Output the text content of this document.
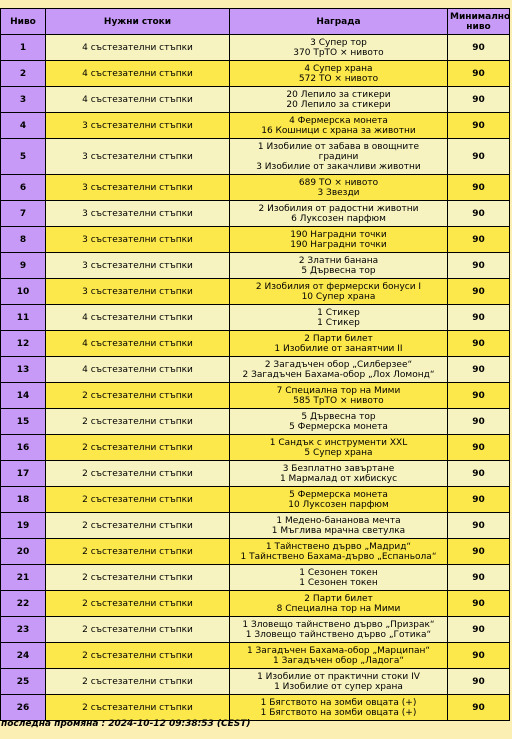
Ниво	Нужни стоки	Награда	Минимално ниво
1	4 състезателни стъпки	3 Супер тор
370 ТрТО × нивото	90
2	4 състезателни стъпки	4 Супер храна
572 ТО × нивото	90
3	4 състезателни стъпки	20 Лепило за стикери
20 Лепило за стикери	90
4	3 състезателни стъпки	4 Фермерска монета
16 Кошници с храна за животни	90
5	3 състезателни стъпки	1 Изобилие от забава в овощните
градини
3 Изобилие от закачливи животни	90
6	3 състезателни стъпки	689 ТО × нивото
3 Звезди	90
7	3 състезателни стъпки	2 Изобилия от радостни животни
6 Луксозен парфюм	90
8	3 състезателни стъпки	190 Наградни точки
190 Наградни точки	90
9	3 състезателни стъпки	2 Златни банана
5 Дървесна тор	90
10	3 състезателни стъпки	2 Изобилия от фермерски бонуси I
10 Супер храна	90
11	4 състезателни стъпки	1 Стикер
1 Стикер	90
12	4 състезателни стъпки	2 Парти билет
1 Изобилие от занаятчии II	90
13	4 състезателни стъпки	2 Загадъчен обор „Силберзее“
2 Загадъчен Бахама-обор „Лох Ломонд“	90
14	2 състезателни стъпки	7 Специална тор на Мими
585 ТрТО × нивото	90
15	2 състезателни стъпки	5 Дървесна тор
5 Фермерска монета	90
16	2 състезателни стъпки	1 Сандък с инструменти XXL
5 Супер храна	90
17	2 състезателни стъпки	3 Безплатно завъртане
1 Мармалад от хибискус	90
18	2 състезателни стъпки	5 Фермерска монета
10 Луксозен парфюм	90
19	2 състезателни стъпки	1 Медено-бананова мечта
1 Мъглива мрачна светулка	90
20	2 състезателни стъпки	1 Тайнствено дърво „Мадрид“
1 Тайнствено Бахама-дърво „Еспаньола“	90
21	2 състезателни стъпки	1 Сезонен токен
1 Сезонен токен	90
22	2 състезателни стъпки	2 Парти билет
8 Специална тор на Мими	90
23	2 състезателни стъпки	1 Зловещо тайнствено дърво „Призрак“
1 Зловещо тайнствено дърво „Готика“	90
24	2 състезателни стъпки	1 Загадъчен Бахама-обор „Марципан“
1 Загадъчен обор „Ладога“	90
25	2 състезателни стъпки	1 Изобилие от практични стоки IV
1 Изобилие от супер храна	90
26	2 състезателни стъпки	1 Бягството на зомби овцата (+)
1 Бягството на зомби овцата (+)	90
последна промяна : 2024-10-12 09:38:53 (CEST)
